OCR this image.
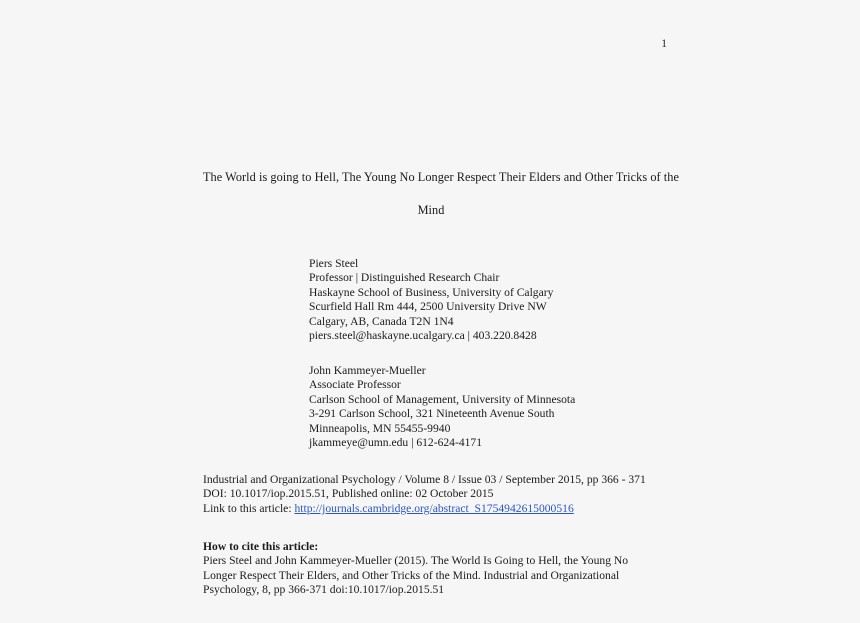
1
The World is going to Hell, The Young No Longer Respect Their Elders and Other Tricks of the
Mind
Piers Steel
Professor | Distinguished Research Chair
Haskayne School of Business, University of Calgary
Scurfield Hall Rm 444, 2500 University Drive NW
Calgary, AB, Canada T2N 1N4
piers.steel@haskayne.ucalgary.ca | 403.220.8428
John Kammeyer-Mueller
Associate Professor
Carlson School of Management, University of Minnesota
3-291 Carlson School, 321 Nineteenth Avenue South
Minneapolis, MN 55455-9940
jkammeye@umn.edu | 612-624-4171
Industrial and Organizational Psychology / Volume 8 / Issue 03 / September 2015, pp 366 - 371
DOI: 10.1017/iop.2015.51, Published online: 02 October 2015
Link to this article: http://journals.cambridge.org/abstract_S1754942615000516
How to cite this article:
Piers Steel and John Kammeyer-Mueller (2015). The World Is Going to Hell, the Young No Longer Respect Their Elders, and Other Tricks of the Mind. Industrial and Organizational Psychology, 8, pp 366-371 doi:10.1017/iop.2015.51
